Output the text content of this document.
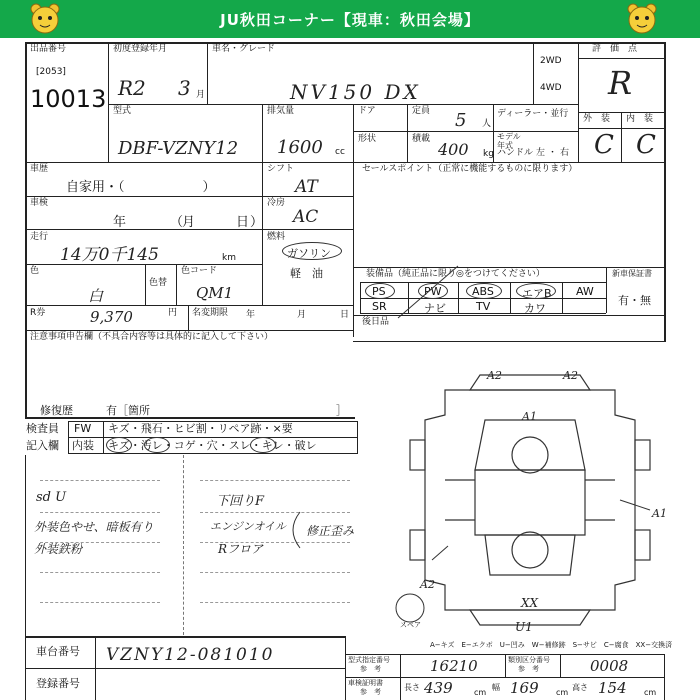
JU秋田コーナー【現車：秋田会場】
出品番号
[2053]
10013
初度登録年月
R2 3 月
車名・グレード
NV150 DX
2WD
4WD
評　価　点
R
外　装 内　装
C C
型式
DBF-VZNY12
排気量
1600 cc
ドア	定員 5 人
ディーラー・並行
形状	積載
400 kg
モデル年式
ハンドル 左 ・ 右
車歴
自家用・（　　　　　　）
シフト
AT
車検
年	（
月	日 ）
冷房
AC
走行
14万0千145	km
燃料
ガソリン
軽　油
色
白
色替
色コード
QM1
R券	9,370	円 名変期限 年	月	日
セールスポイント（正常に機能するものに限ります）
装備品（純正品に限り◎をつけてください）	新車保証書
PS	PW	ABS	エアB AW
SR	ナビ	TV	カワ
有・無
後日品
注意事項申告欄（不具合内容等は具体的に記入して下さい）
修復歴	有［箇所	］
検査員
記入欄
FW キズ・飛石・ヒビ割・リペア跡・×要
内装 キズ・汚レ・コゲ・穴・スレ・キレ・破レ
sd U
外装色やせ、暗板有り
外装鉄粉
下回りF
エンジンオイル
Rフロア
修正歪み
A2	A2
A1
A1
A2
XX
U1
スペア
A−キズ　E−エクボ　U−凹み　W−補修跡　S−サビ　C−腐食　XX−交換済
車台番号 VZNY12-081010
登録番号
型式指定番号
参　考	16210	類別区分番号
参　考	0008
車検証明書
参　考	長さ 439	cm
幅 169 cm
高さ 154 cm
